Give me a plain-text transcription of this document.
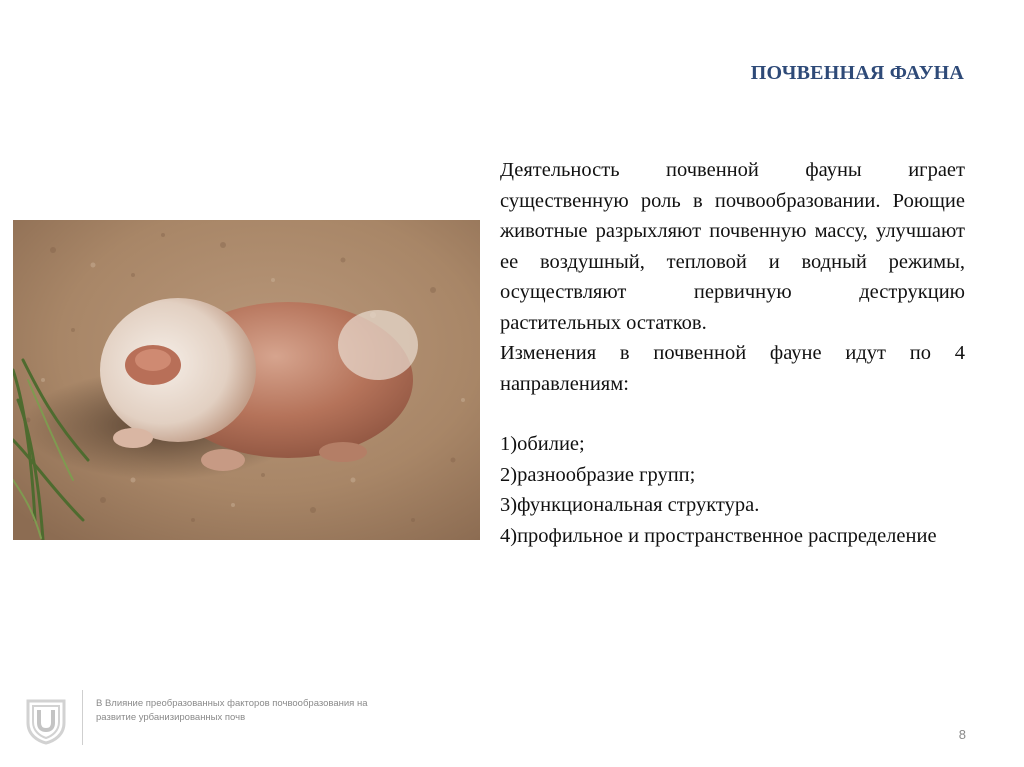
ПОЧВЕННАЯ ФАУНА

Деятельность почвенной фауны играет существенную роль в почвообразовании. Роющие животные разрыхляют почвенную массу, улучшают ее воздушный, тепловой и водный режимы, осуществляют первичную деструкцию растительных остатков.

Изменения в почвенной фауне идут по 4 направлениям:

1)обилие;
2)разнообразие групп;
3)функциональная структура.
4)профильное и пространственное распределение
В Влияние преобразованных факторов почвообразования на развитие урбанизированных почв
8
